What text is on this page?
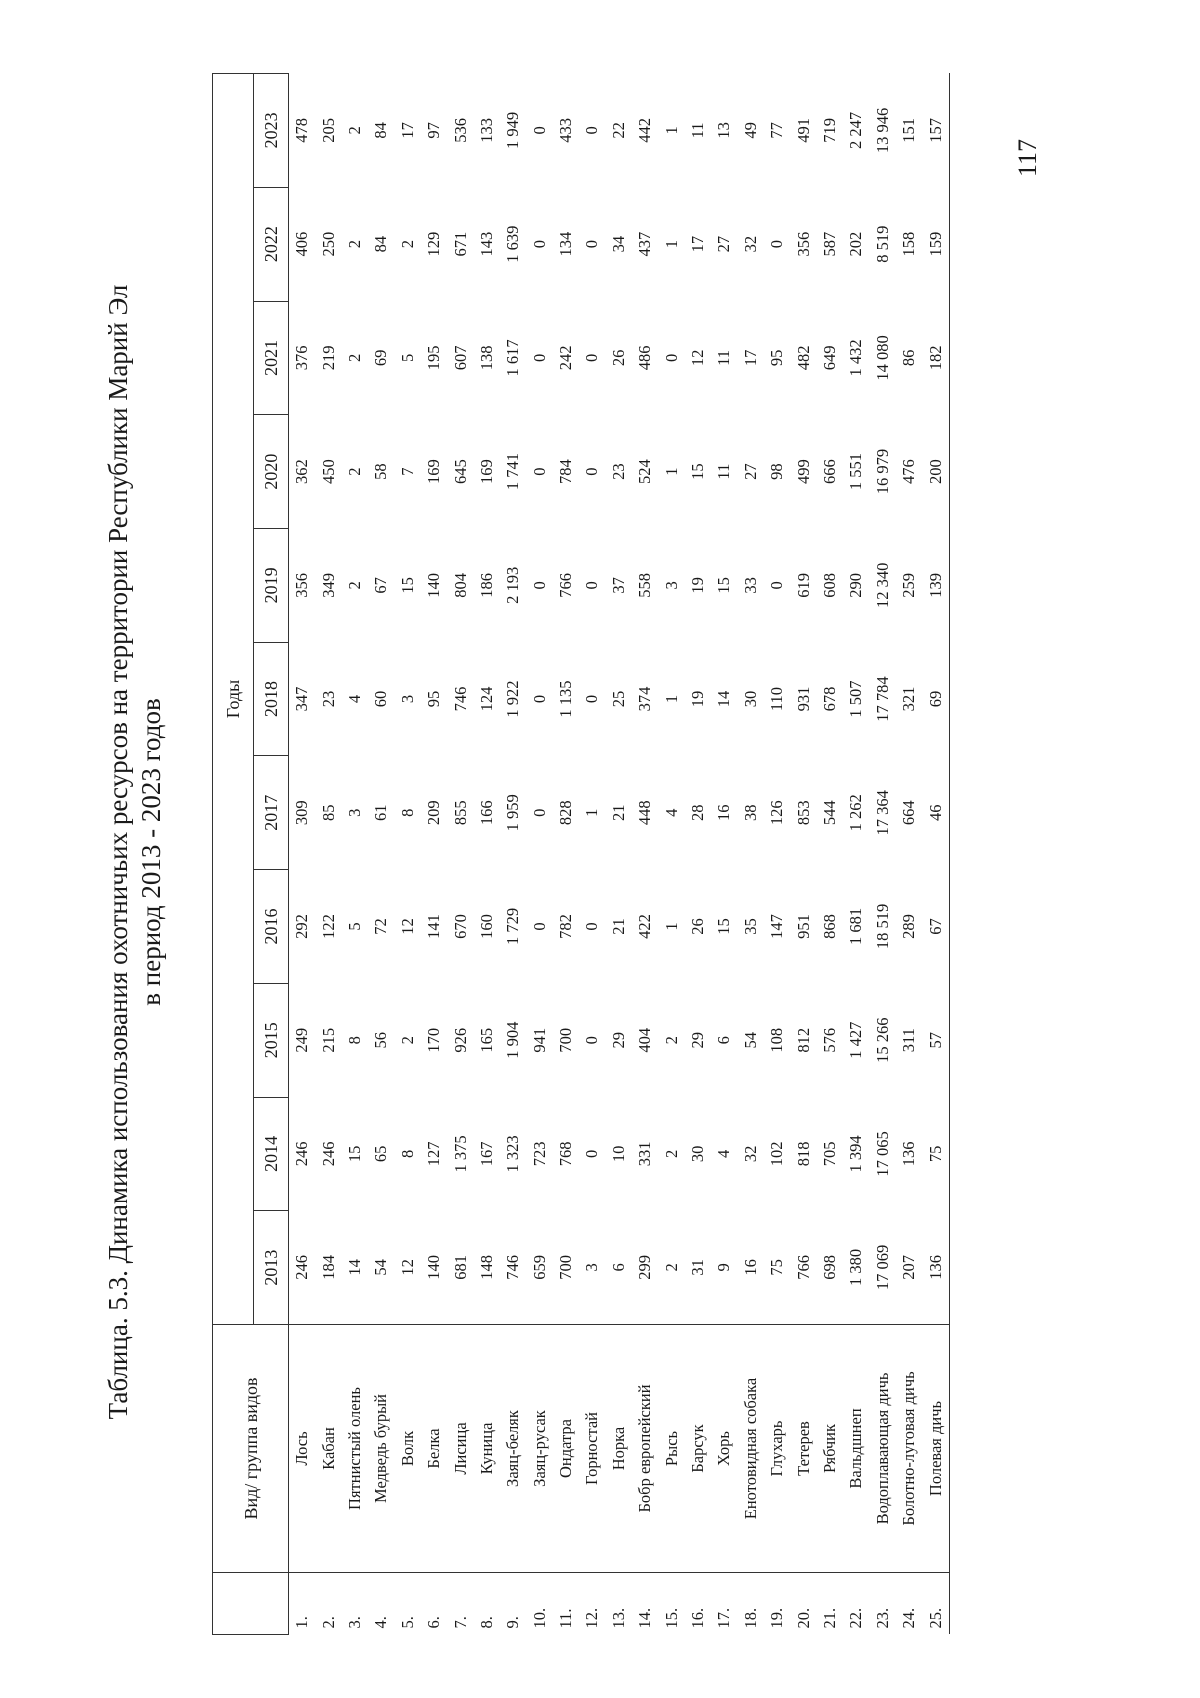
117
Таблица. 5.3. Динамика использования охотничьих ресурсов на территории Республики Марий Эл в период 2013 - 2023 годов
	Вид/ группа видов	Годы										
		2013	2014	2015	2016	2017	2018	2019	2020	2021	2022	2023
1.	Лось	246	246	249	292	309	347	356	362	376	406	478
2.	Кабан	184	246	215	122	85	23	349	450	219	250	205
3.	Пятнистый олень	14	15	8	5	3	4	2	2	2	2	2
4.	Медведь бурый	54	65	56	72	61	60	67	58	69	84	84
5.	Волк	12	8	2	12	8	3	15	7	5	2	17
6.	Белка	140	127	170	141	209	95	140	169	195	129	97
7.	Лисица	681	1 375	926	670	855	746	804	645	607	671	536
8.	Куница	148	167	165	160	166	124	186	169	138	143	133
9.	Заяц-беляк	746	1 323	1 904	1 729	1 959	1 922	2 193	1 741	1 617	1 639	1 949
10.	Заяц-русак	659	723	941	0	0	0	0	0	0	0	0
11.	Ондатра	700	768	700	782	828	1 135	766	784	242	134	433
12.	Горностай	3	0	0	0	1	0	0	0	0	0	0
13.	Норка	6	10	29	21	21	25	37	23	26	34	22
14.	Бобр европейский	299	331	404	422	448	374	558	524	486	437	442
15.	Рысь	2	2	2	1	4	1	3	1	0	1	1
16.	Барсук	31	30	29	26	28	19	19	15	12	17	11
17.	Хорь	9	4	6	15	16	14	15	11	11	27	13
18.	Енотовидная собака	16	32	54	35	38	30	33	27	17	32	49
19.	Глухарь	75	102	108	147	126	110	0	98	95	0	77
20.	Тетерев	766	818	812	951	853	931	619	499	482	356	491
21.	Рябчик	698	705	576	868	544	678	608	666	649	587	719
22.	Вальдшнеп	1 380	1 394	1 427	1 681	1 262	1 507	290	1 551	1 432	202	2 247
23.	Водоплавающая дичь	17 069	17 065	15 266	18 519	17 364	17 784	12 340	16 979	14 080	8 519	13 946
24.	Болотно-луговая дичь	207	136	311	289	664	321	259	476	86	158	151
25.	Полевая дичь	136	75	57	67	46	69	139	200	182	159	157
